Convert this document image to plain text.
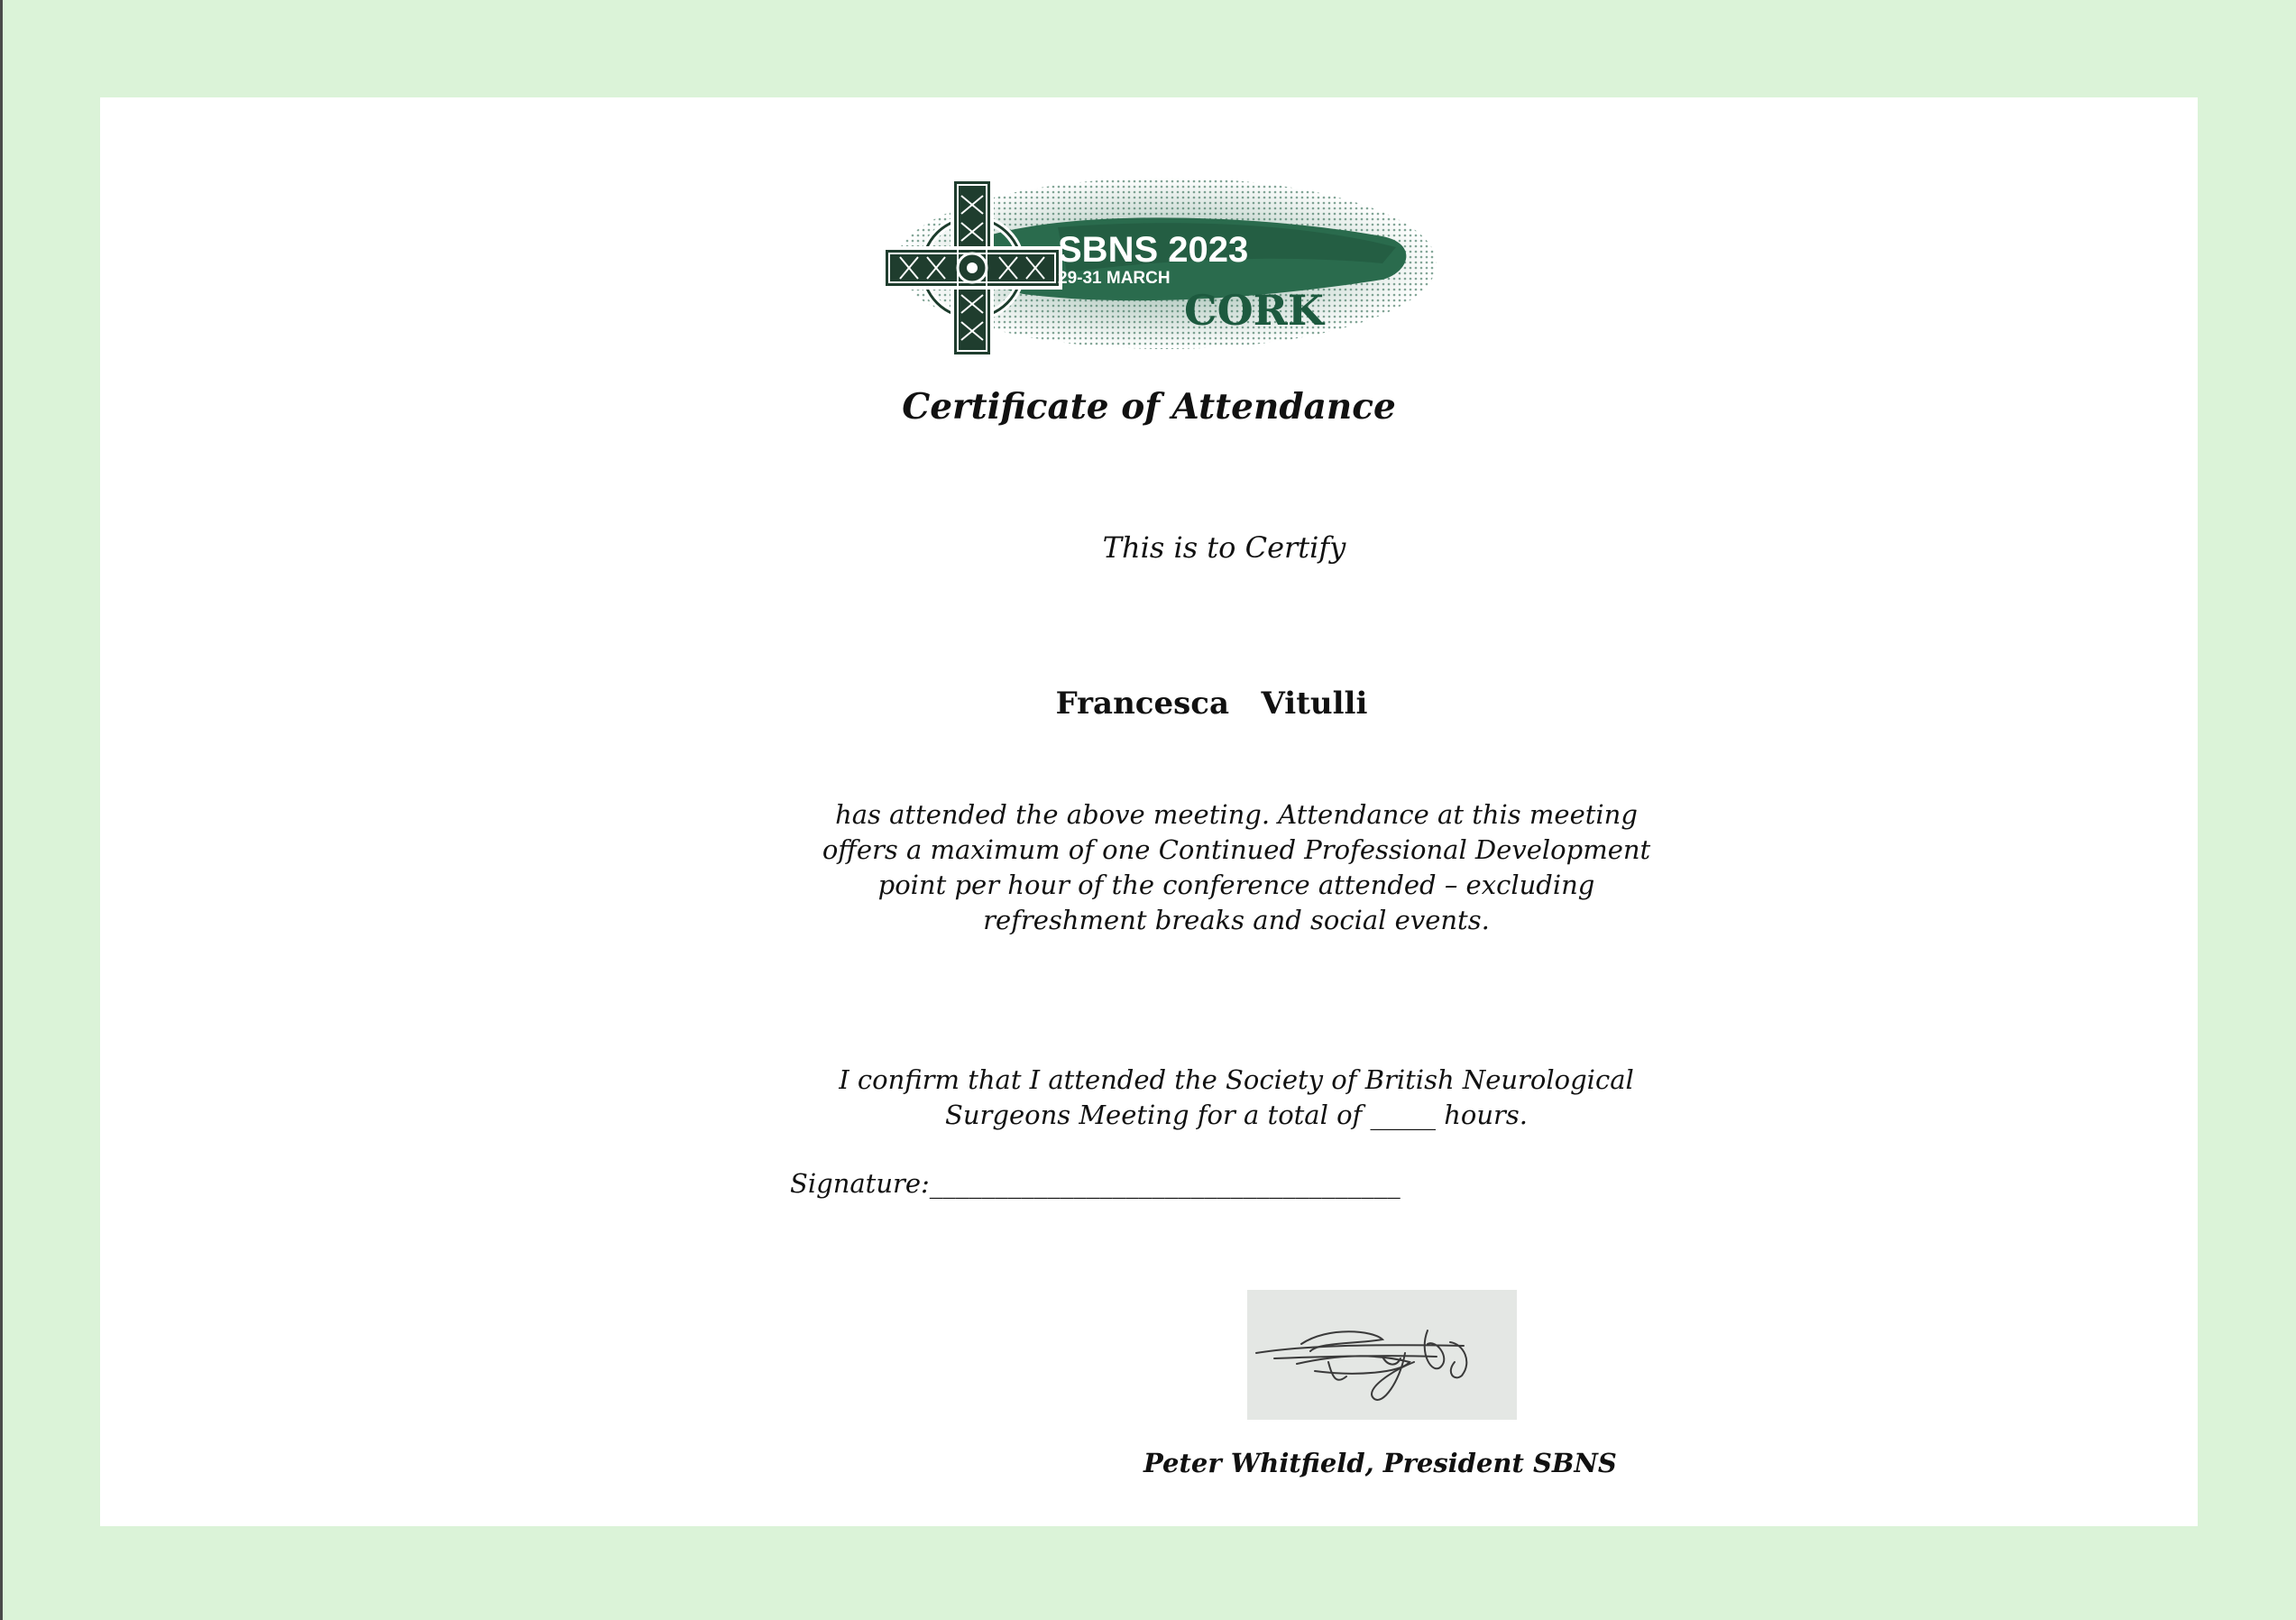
SBNS 2023
29-31 MARCH
CORK
Certificate of Attendance
This is to Certify
Francesca   Vitulli
has attended the above meeting. Attendance at this meeting offers a maximum of one Continued Professional Development point per hour of the conference attended – excluding refreshment breaks and social events.
I confirm that I attended the Society of British Neurological Surgeons Meeting for a total of _____ hours.
Signature:____________________________________
Peter Whitfield, President SBNS
